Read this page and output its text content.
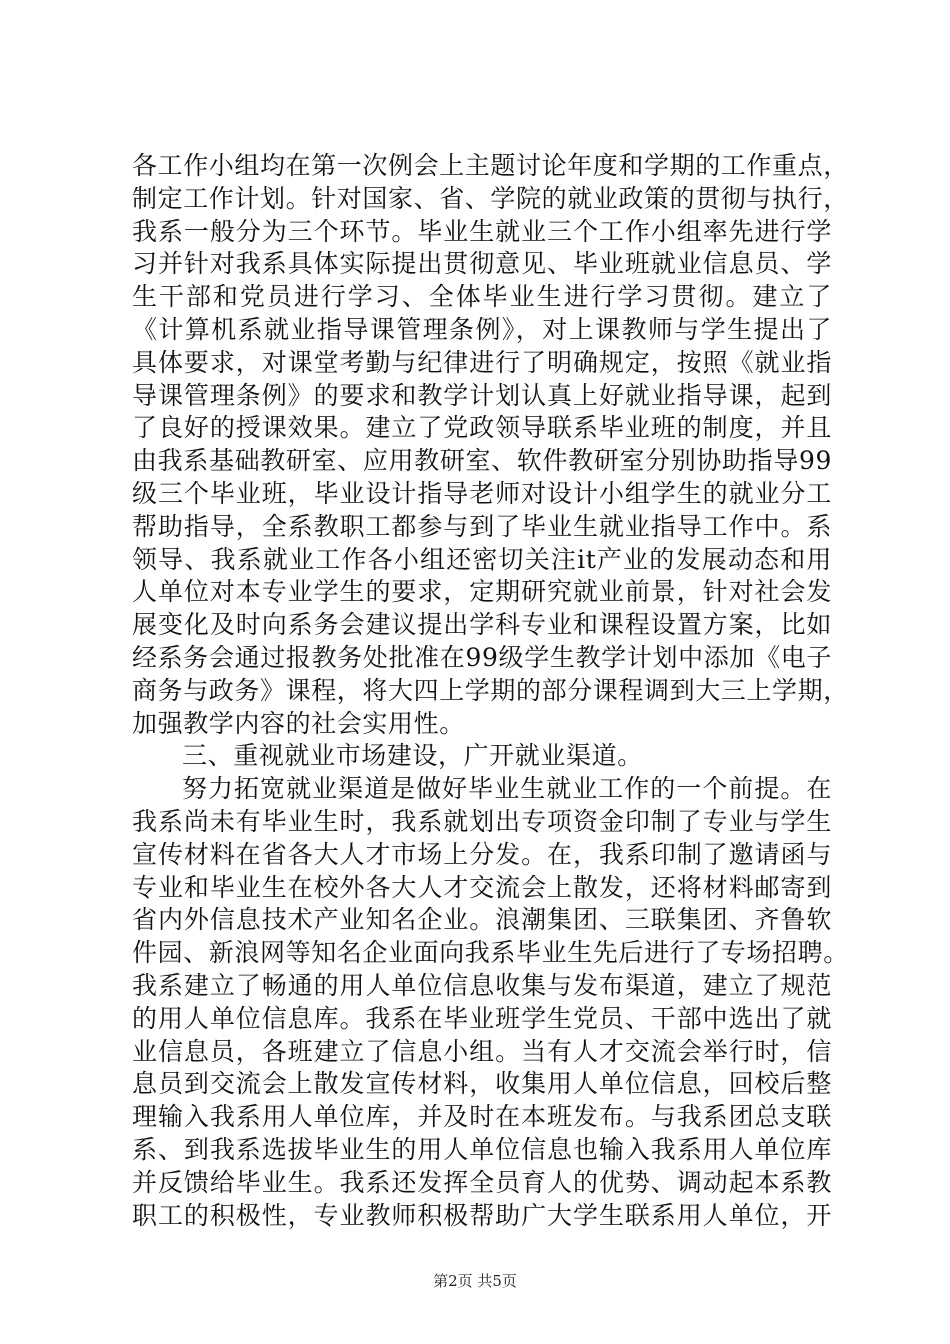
各工作小组均在第一次例会上主题讨论年度和学期的工作重点，
制定工作计划。针对国家、省、学院的就业政策的贯彻与执行，
我系一般分为三个环节。毕业生就业三个工作小组率先进行学
习并针对我系具体实际提出贯彻意见、毕业班就业信息员、学
生干部和党员进行学习、全体毕业生进行学习贯彻。建立了
《计算机系就业指导课管理条例》，对上课教师与学生提出了
具体要求，对课堂考勤与纪律进行了明确规定，按照《就业指
导课管理条例》的要求和教学计划认真上好就业指导课，起到
了良好的授课效果。建立了党政领导联系毕业班的制度，并且
由我系基础教研室、应用教研室、软件教研室分别协助指导99
级三个毕业班，毕业设计指导老师对设计小组学生的就业分工
帮助指导，全系教职工都参与到了毕业生就业指导工作中。系
领导、我系就业工作各小组还密切关注it产业的发展动态和用
人单位对本专业学生的要求，定期研究就业前景，针对社会发
展变化及时向系务会建议提出学科专业和课程设置方案，比如
经系务会通过报教务处批准在99级学生教学计划中添加《电子
商务与政务》课程，将大四上学期的部分课程调到大三上学期，
加强教学内容的社会实用性。
三、重视就业市场建设，广开就业渠道。
努力拓宽就业渠道是做好毕业生就业工作的一个前提。在
我系尚未有毕业生时，我系就划出专项资金印制了专业与学生
宣传材料在省各大人才市场上分发。在，我系印制了邀请函与
专业和毕业生在校外各大人才交流会上散发，还将材料邮寄到
省内外信息技术产业知名企业。浪潮集团、三联集团、齐鲁软
件园、新浪网等知名企业面向我系毕业生先后进行了专场招聘。
我系建立了畅通的用人单位信息收集与发布渠道，建立了规范
的用人单位信息库。我系在毕业班学生党员、干部中选出了就
业信息员，各班建立了信息小组。当有人才交流会举行时，信
息员到交流会上散发宣传材料，收集用人单位信息，回校后整
理输入我系用人单位库，并及时在本班发布。与我系团总支联
系、到我系选拔毕业生的用人单位信息也输入我系用人单位库
并反馈给毕业生。我系还发挥全员育人的优势、调动起本系教
职工的积极性，专业教师积极帮助广大学生联系用人单位，开
第2页 共5页
